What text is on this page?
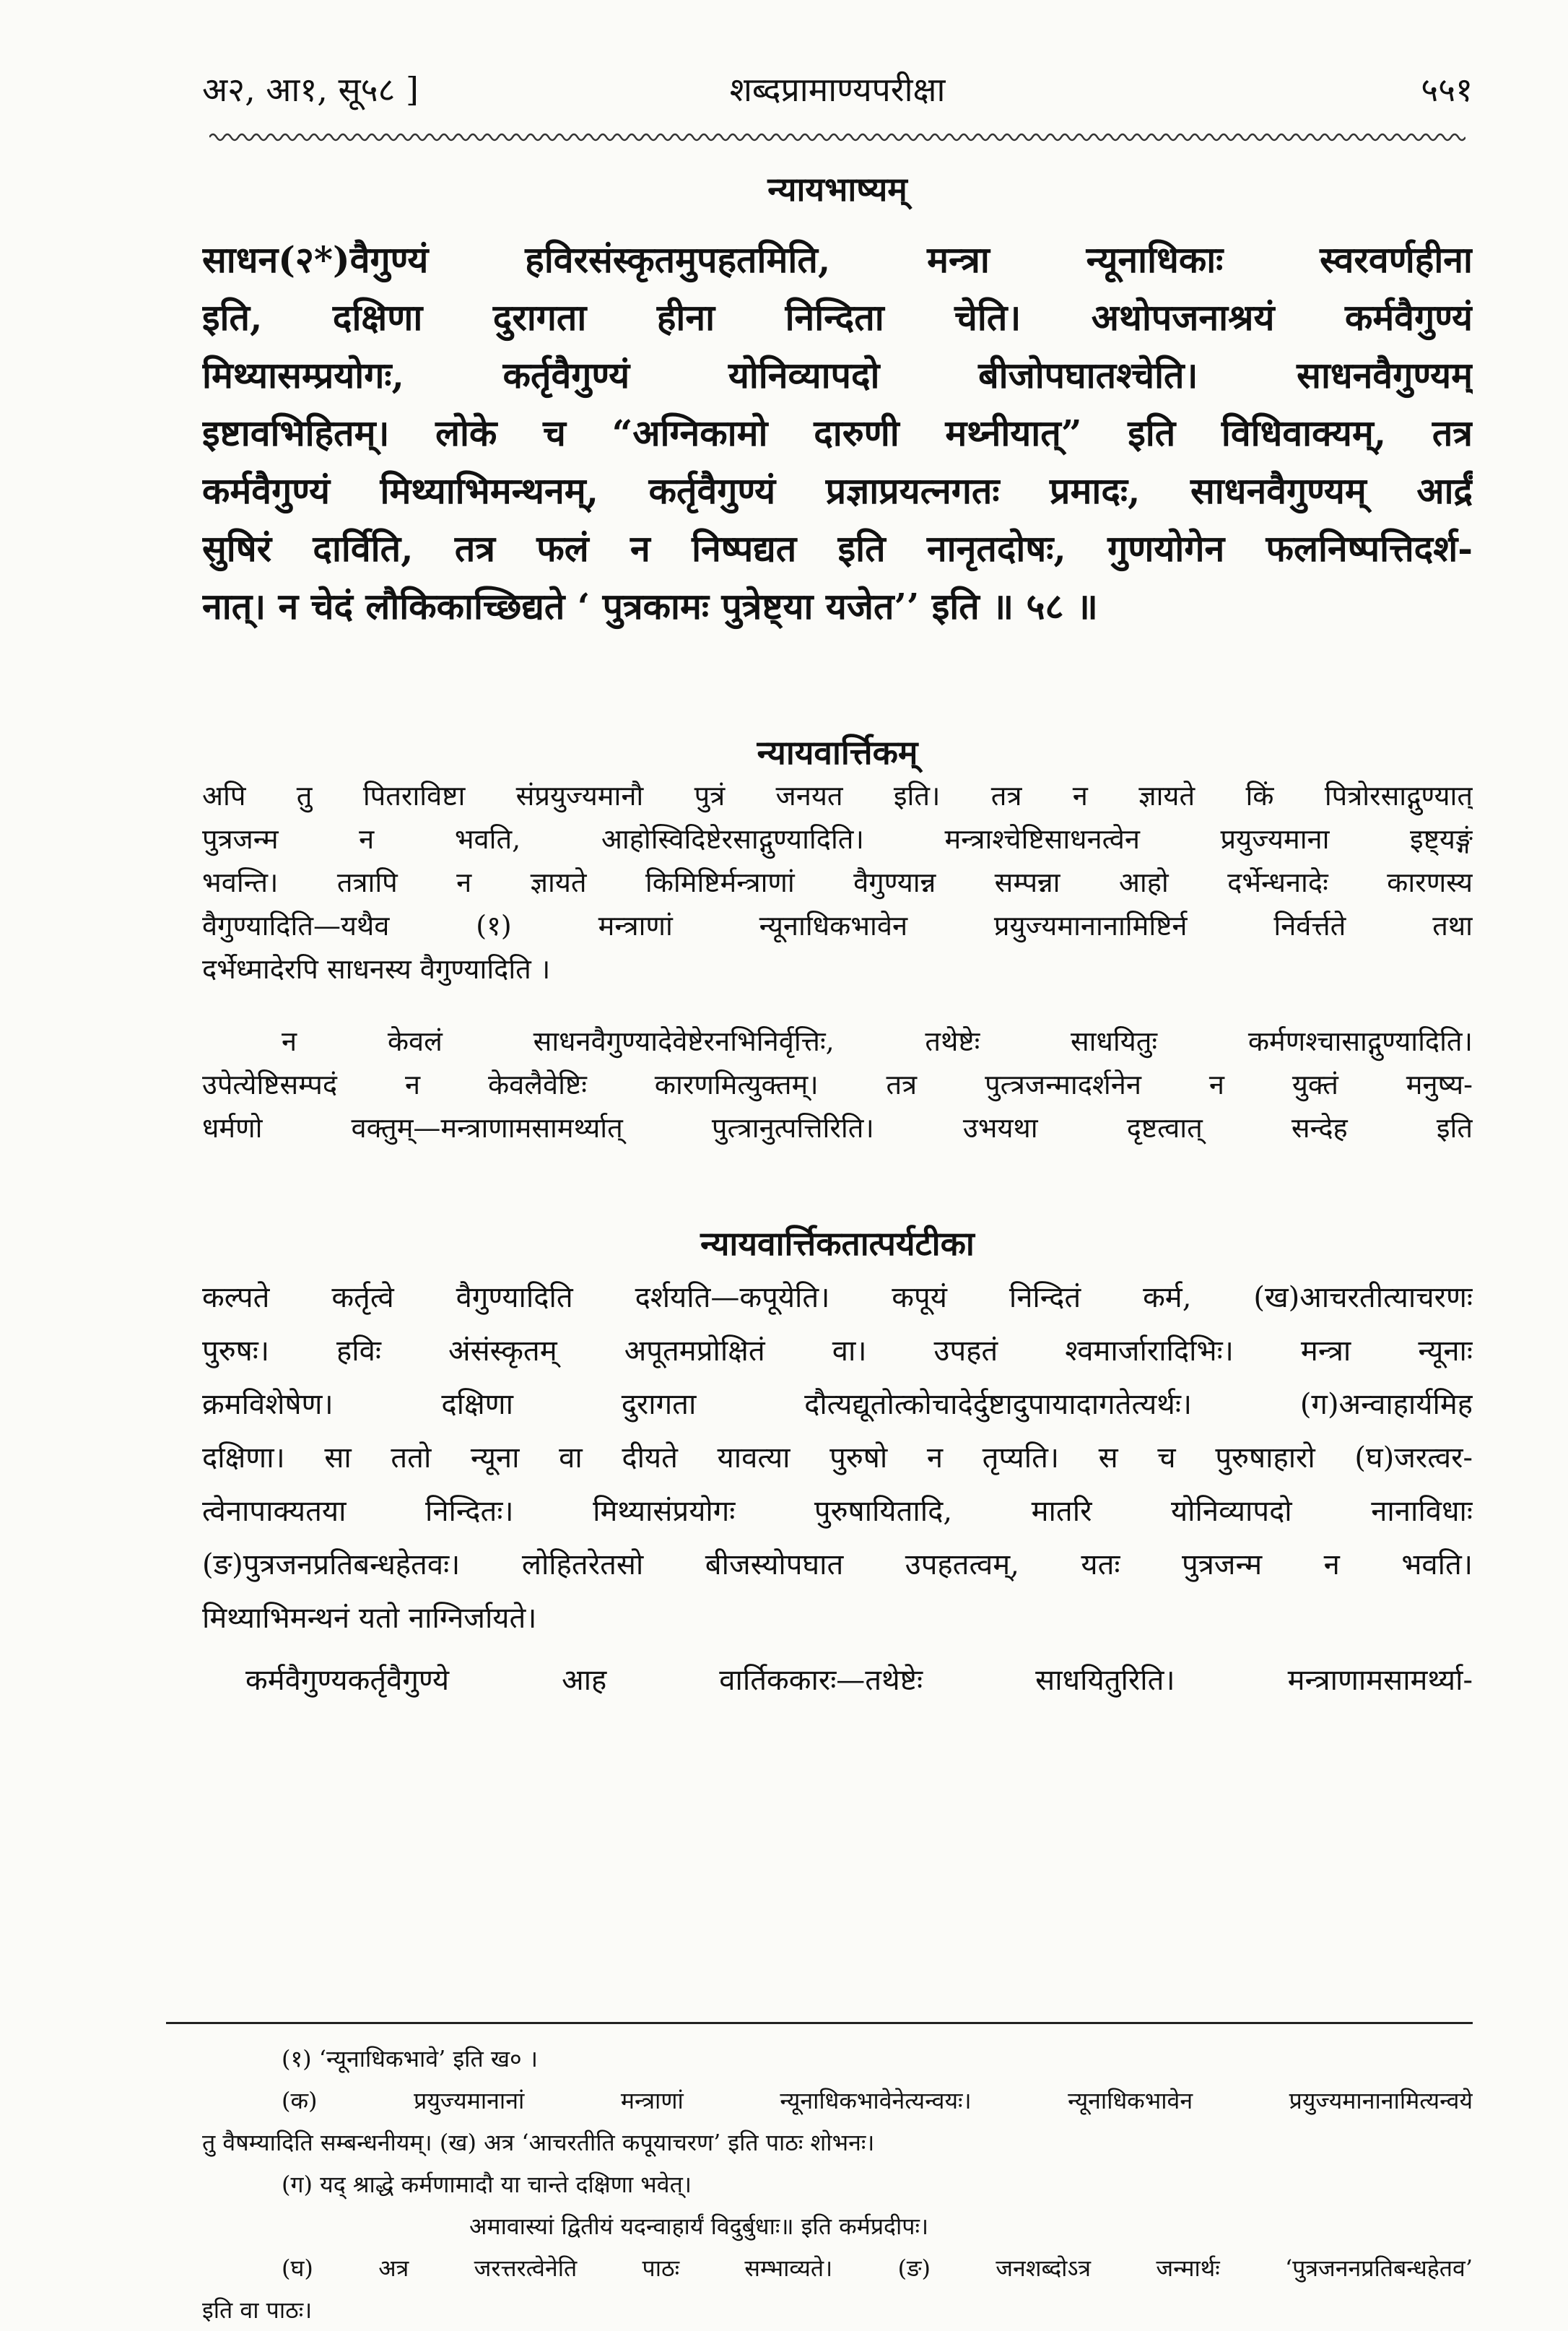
अ२, आ१, सू५८ ]	शब्दप्रामाण्यपरीक्षा	५५१
न्यायभाष्यम्
साधन(२*)वैगुण्यं हविरसंस्कृतमुपहतमिति, मन्त्रा न्यूनाधिकाः स्वरवर्णहीना
इति, दक्षिणा दुरागता हीना निन्दिता चेति। अथोपजनाश्रयं कर्मवैगुण्यं
मिथ्यासम्प्रयोगः, कर्तृवैगुण्यं योनिव्यापदो बीजोपघातश्चेति। साधनवैगुण्यम्
इष्टावभिहितम्। लोके च “अग्निकामो दारुणी मथ्नीयात्” इति विधिवाक्यम्, तत्र
कर्मवैगुण्यं मिथ्याभिमन्थनम्, कर्तृवैगुण्यं प्रज्ञाप्रयत्नगतः प्रमादः, साधनवैगुण्यम् आर्द्रं
सुषिरं दार्विति, तत्र फलं न निष्पद्यत इति नानृतदोषः, गुणयोगेन फलनिष्पत्तिदर्श-
नात्। न चेदं लौकिकाच्छिद्यते ‘ पुत्रकामः पुत्रेष्ट्या यजेत’’ इति ॥ ५८ ॥
न्यायवार्त्तिकम्
अपि तु पितराविष्टा संप्रयुज्यमानौ पुत्रं जनयत इति। तत्र न ज्ञायते किं पित्रोरसाद्गुण्यात्
पुत्रजन्म न भवति, आहोस्विदिष्टेरसाद्गुण्यादिति। मन्त्राश्चेष्टिसाधनत्वेन प्रयुज्यमाना इष्ट्यङ्गं
भवन्ति। तत्रापि न ज्ञायते किमिष्टिर्मन्त्राणां वैगुण्यान्न सम्पन्ना आहो दर्भेन्धनादेः कारणस्य
वैगुण्यादिति—यथैव (१) मन्त्राणां न्यूनाधिकभावेन प्रयुज्यमानानामिष्टिर्न निर्वर्त्तते तथा
दर्भेध्मादेरपि साधनस्य वैगुण्यादिति ।
न केवलं साधनवैगुण्यादेवेष्टेरनभिनिर्वृत्तिः, तथेष्टेः साधयितुः कर्मणश्चासाद्गुण्यादिति।
उपेत्येष्टिसम्पदं न केवलैवेष्टिः कारणमित्युक्तम्। तत्र पुत्त्रजन्मादर्शनेन न युक्तं मनुष्य-
धर्मणो वक्तुम्—मन्त्राणामसामर्थ्यात् पुत्त्रानुत्पत्तिरिति। उभयथा दृष्टत्वात् सन्देह इति
न्यायवार्त्तिकतात्पर्यटीका
कल्पते कर्तृत्वे वैगुण्यादिति दर्शयति—कपूयेति। कपूयं निन्दितं कर्म, (ख)आचरतीत्याचरणः
पुरुषः। हविः अंसंस्कृतम् अपूतमप्रोक्षितं वा। उपहतं श्वमार्जारादिभिः। मन्त्रा न्यूनाः
क्रमविशेषेण। दक्षिणा दुरागता दौत्यद्यूतोत्कोचादेर्दुष्टादुपायादागतेत्यर्थः। (ग)अन्वाहार्यमिह
दक्षिणा। सा ततो न्यूना वा दीयते यावत्या पुरुषो न तृप्यति। स च पुरुषाहारो (घ)जरत्वर-
त्वेनापाक्यतया निन्दितः। मिथ्यासंप्रयोगः पुरुषायितादि, मातरि योनिव्यापदो नानाविधाः
(ङ)पुत्रजनप्रतिबन्धहेतवः। लोहितरेतसो बीजस्योपघात उपहतत्वम्, यतः पुत्रजन्म न भवति।
मिथ्याभिमन्थनं यतो नाग्निर्जायते।
कर्मवैगुण्यकर्तृवैगुण्ये आह वार्तिककारः—तथेष्टेः साधयितुरिति। मन्त्राणामसामर्थ्या-
(१) ‘न्यूनाधिकभावे’ इति ख० ।
(क) प्रयुज्यमानानां मन्त्राणां न्यूनाधिकभावेनेत्यन्वयः। न्यूनाधिकभावेन प्रयुज्यमानानामित्यन्वये
तु वैषम्यादिति सम्बन्धनीयम्। (ख) अत्र ‘आचरतीति कपूयाचरण’ इति पाठः शोभनः।
(ग) यद् श्राद्धे कर्मणामादौ या चान्ते दक्षिणा भवेत्।
अमावास्यां द्वितीयं यदन्वाहार्यं विदुर्बुधाः॥ इति कर्मप्रदीपः।
(घ) अत्र जरत्तरत्वेनेति पाठः सम्भाव्यते। (ङ) जनशब्दोऽत्र जन्मार्थः ‘पुत्रजननप्रतिबन्धहेतव’
इति वा पाठः।
